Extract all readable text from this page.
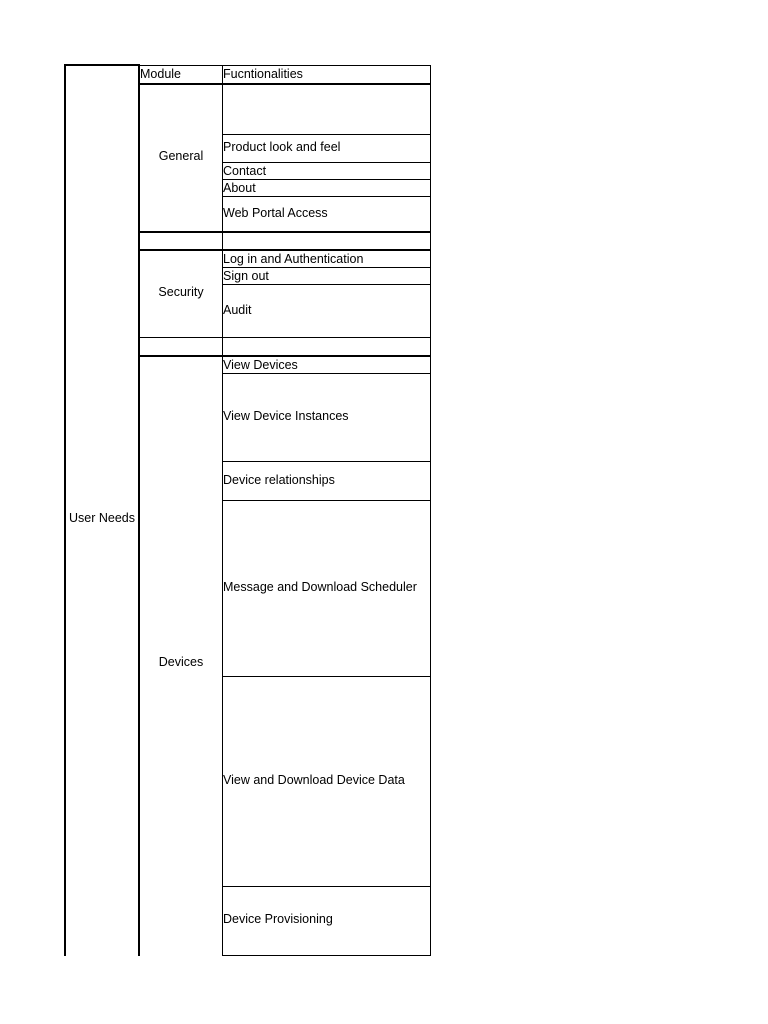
User Needs
Module	Fucntionalities
General
Security
Devices
Product look and feel
Contact
About
Web Portal Access
Log in and Authentication
Sign out
Audit
View Devices
View Device Instances
Device relationships
Message and Download Scheduler
View and Download Device Data
Device Provisioning
